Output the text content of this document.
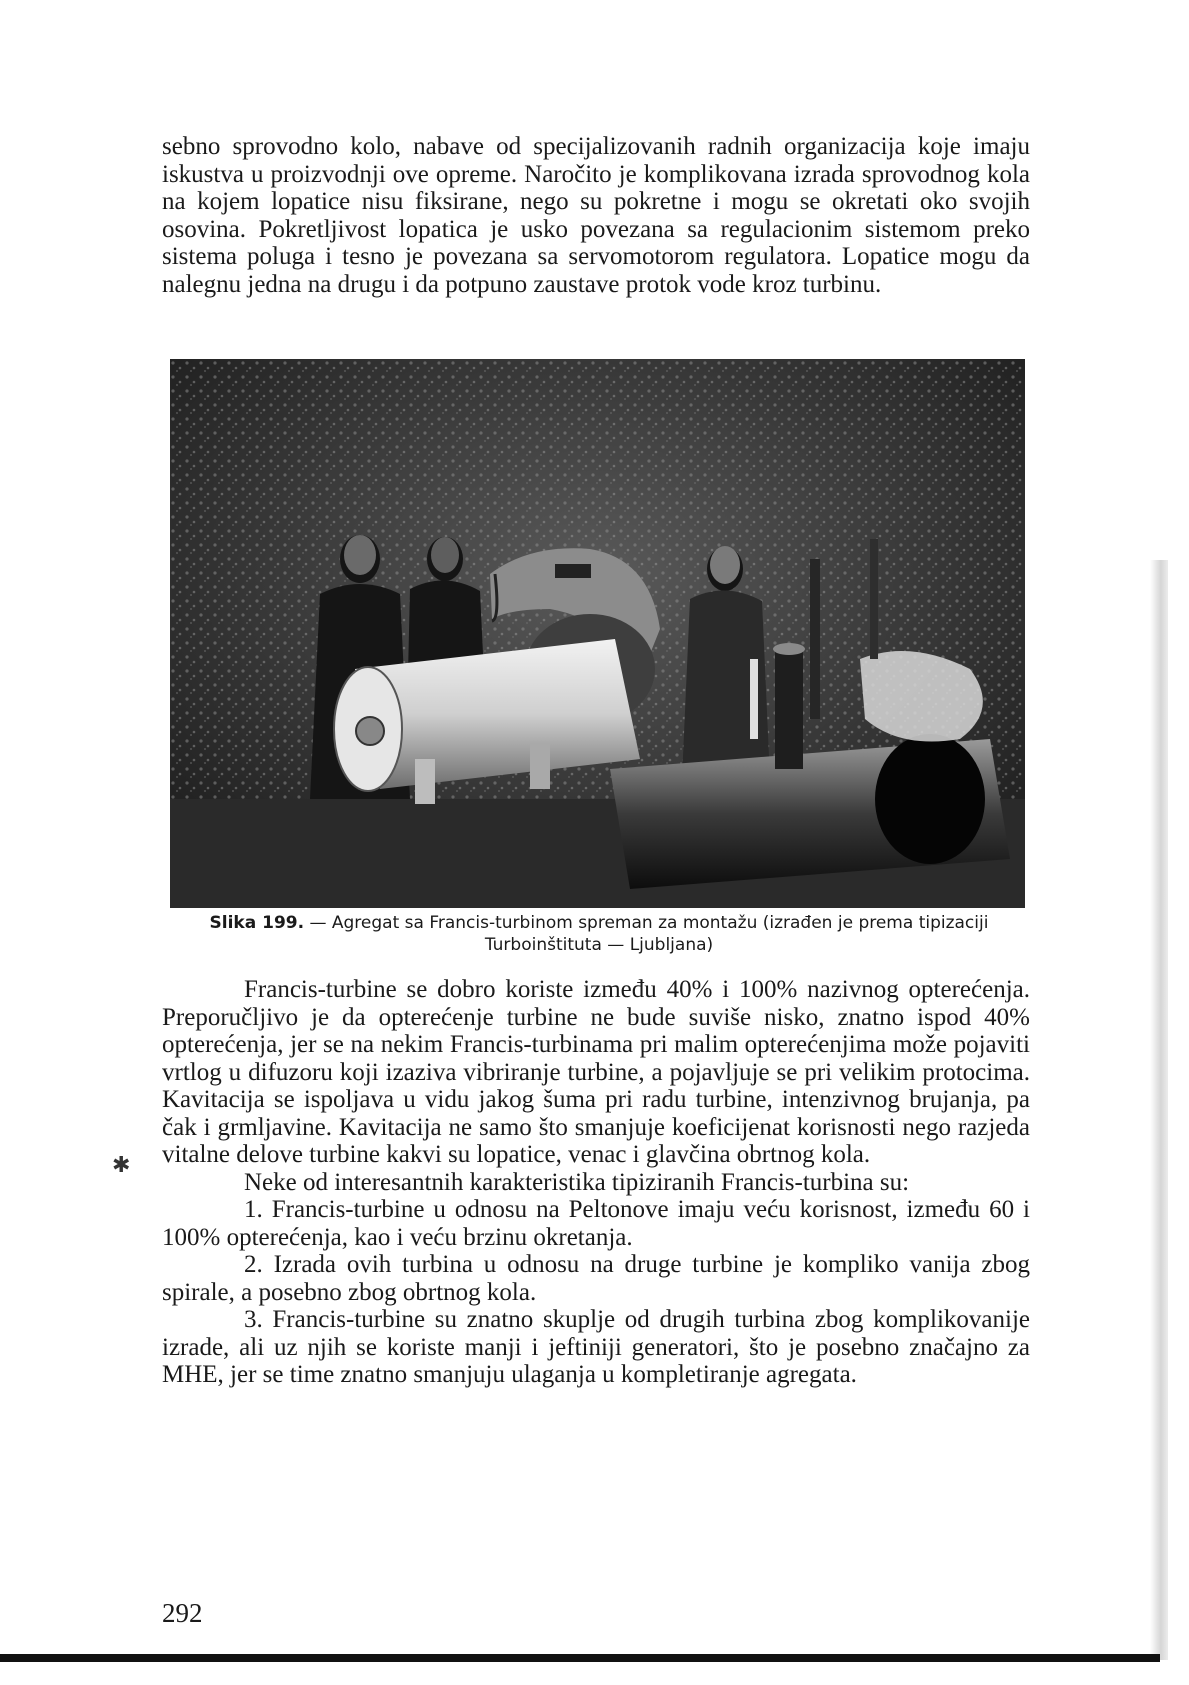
sebno sprovodno kolo, nabave od specijalizovanih radnih organizacija koje imaju iskustva u proizvodnji ove opreme. Naročito je komplikovana izrada sprovodnog kola na kojem lopatice nisu fiksirane, nego su pokretne i mogu se okretati oko svojih osovina. Pokretljivost lopatica je usko povezana sa regulacionim sistemom preko sistema poluga i tesno je povezana sa servomotorom regulatora. Lopatice mogu da nalegnu jedna na drugu i da potpuno zaustave protok vode kroz turbinu.

Slika 199. — Agregat sa Francis-turbinom spreman za montažu (izrađen je prema tipizaciji Turboinštituta — Ljubljana)

Francis-turbine se dobro koriste između 40% i 100% nazivnog opterećenja. Preporučljivo je da opterećenje turbine ne bude suviše nisko, znatno ispod 40% opterećenja, jer se na nekim Francis-turbinama pri malim opterećenjima može pojaviti vrtlog u difuzoru koji izaziva vibriranje turbine, a pojavljuje se pri velikim protocima. Kavitacija se ispoljava u vidu jakog šuma pri radu turbine, intenzivnog brujanja, pa čak i grmljavine. Kavitacija ne samo što smanjuje koeficijenat korisnosti nego razjeda vitalne delove turbine kakvi su lopatice, venac i glavčina obrtnog kola.

Neke od interesantnih karakteristika tipiziranih Francis-turbina su:

1. Francis-turbine u odnosu na Peltonove imaju veću korisnost, između 60 i 100% opterećenja, kao i veću brzinu okretanja.

2. Izrada ovih turbina u odnosu na druge turbine je kompliko vanija zbog spirale, a posebno zbog obrtnog kola.

3. Francis-turbine su znatno skuplje od drugih turbina zbog komplikovanije izrade, ali uz njih se koriste manji i jeftiniji generatori, što je posebno značajno za MHE, jer se time znatno smanjuju ulaganja u kompletiranje agregata.

✱
292
